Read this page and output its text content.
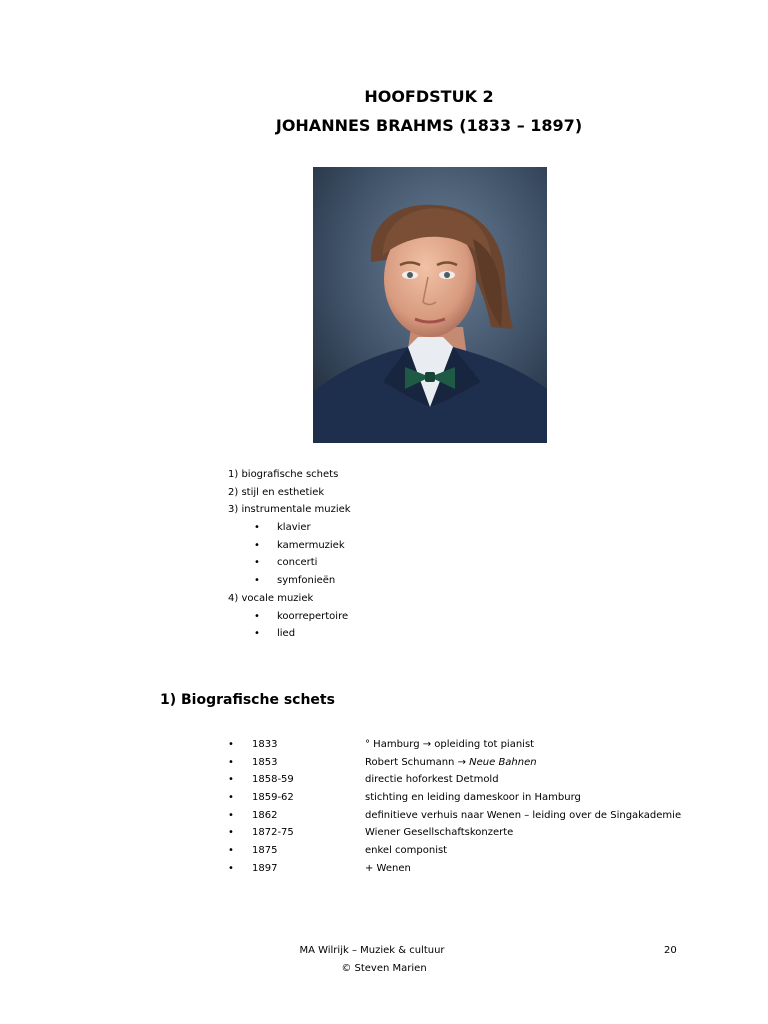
HOOFDSTUK 2
JOHANNES BRAHMS (1833 – 1897)
1) biografische schets
2) stijl en esthetiek
3) instrumentale muziek
• klavier
• kamermuziek
• concerti
• symfonieën
4) vocale muziek
• koorrepertoire
• lied
1) Biografische schets
• 1833	° Hamburg → opleiding tot pianist
• 1853	Robert Schumann → Neue Bahnen
• 1858-59	directie hoforkest Detmold
• 1859-62	stichting en leiding dameskoor in Hamburg
• 1862	definitieve verhuis naar Wenen – leiding over de Singakademie
• 1872-75	Wiener Gesellschaftskonzerte
• 1875	enkel componist
• 1897	+ Wenen
MA Wilrijk – Muziek & cultuur
© Steven Marien
20
